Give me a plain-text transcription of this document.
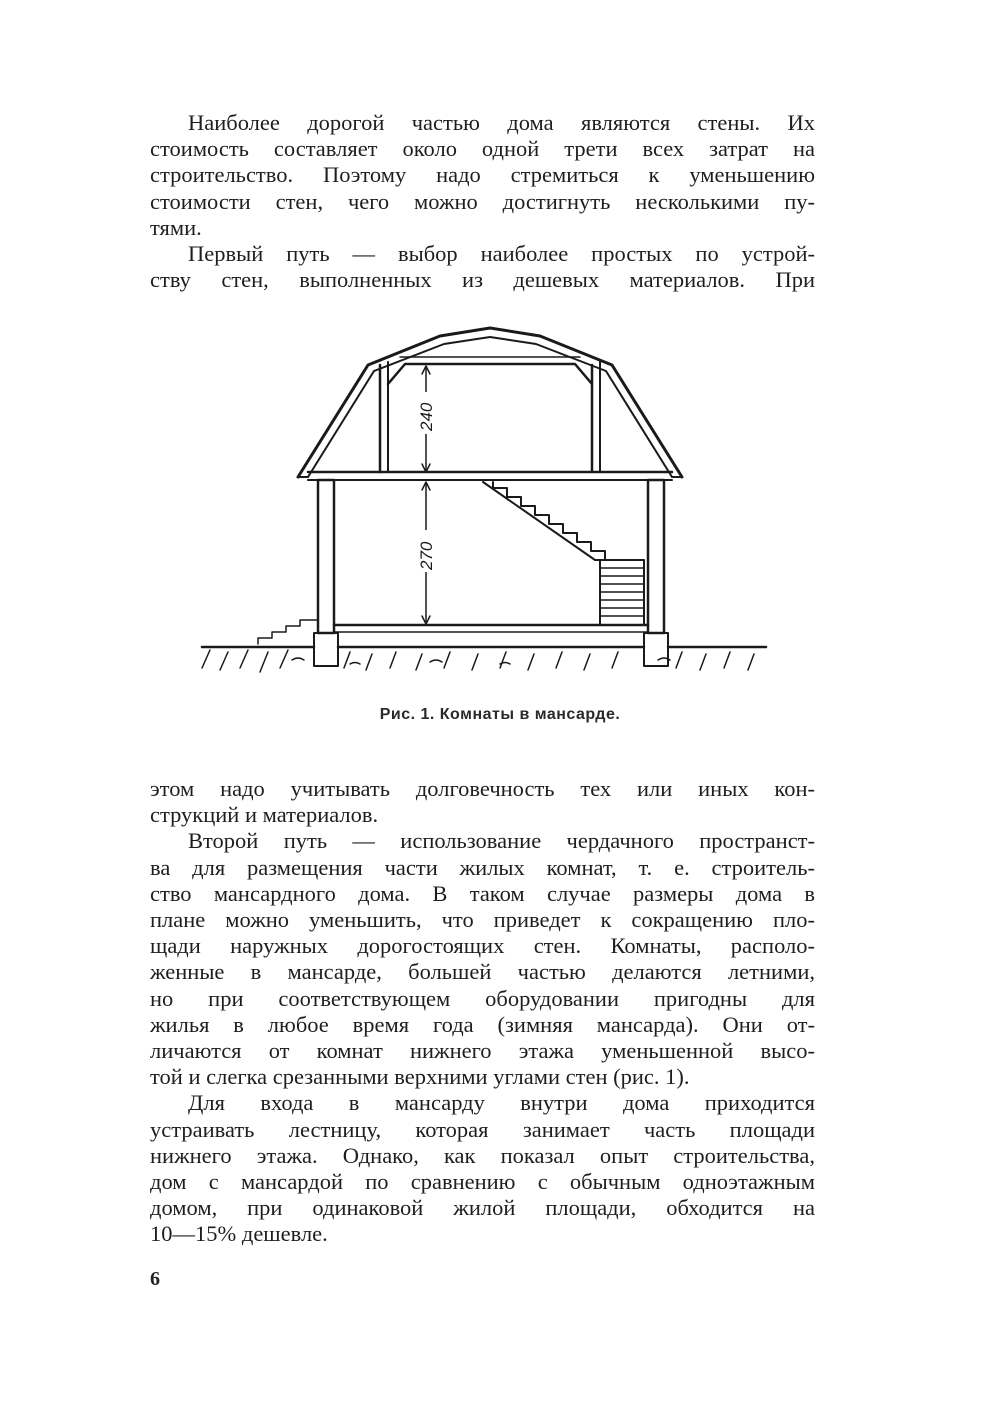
Наиболее дорогой частью дома являются стены. Их
стоимость составляет около одной трети всех затрат на
строительство. Поэтому надо стремиться к уменьшению
стоимости стен, чего можно достигнуть несколькими пу-
тями.

Первый путь — выбор наиболее простых по устрой-
ству стен, выполненных из дешевых материалов. При

240
270
Рис. 1. Комнаты в мансарде.

этом надо учитывать долговечность тех или иных кон-
струкций и материалов.

Второй путь — использование чердачного пространст-
ва для размещения части жилых комнат, т. е. строитель-
ство мансардного дома. В таком случае размеры дома в
плане можно уменьшить, что приведет к сокращению пло-
щади наружных дорогостоящих стен. Комнаты, располо-
женные в мансарде, большей частью делаются летними,
но при соответствующем оборудовании пригодны для
жилья в любое время года (зимняя мансарда). Они от-
личаются от комнат нижнего этажа уменьшенной высо-
той и слегка срезанными верхними углами стен (рис. 1).

Для входа в мансарду внутри дома приходится
устраивать лестницу, которая занимает часть площади
нижнего этажа. Однако, как показал опыт строительства,
дом с мансардой по сравнению с обычным одноэтажным
домом, при одинаковой жилой площади, обходится на
10—15% дешевле.

6
